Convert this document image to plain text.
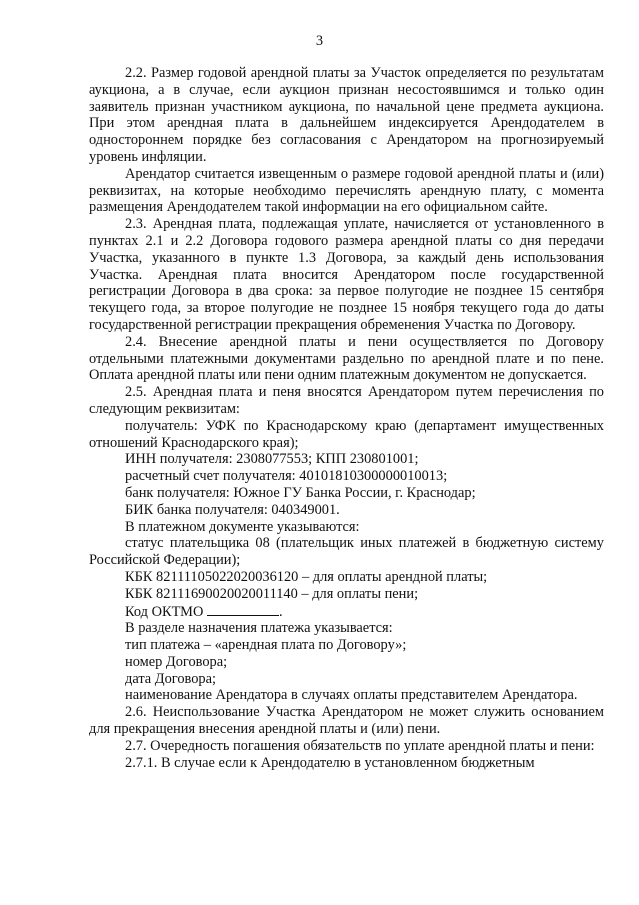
3

2.2. Размер годовой арендной платы за Участок определяется по результатам аукциона, а в случае, если аукцион признан несостоявшимся и только один заявитель признан участником аукциона, по начальной цене предмета аукциона. При этом арендная плата в дальнейшем индексируется Арендодателем в одностороннем порядке без согласования с Арендатором на прогнозируемый уровень инфляции.

Арендатор считается извещенным о размере годовой арендной платы и (или) реквизитах, на которые необходимо перечислять арендную плату, с момента размещения Арендодателем такой информации на его официальном сайте.

2.3. Арендная плата, подлежащая уплате, начисляется от установленного в пунктах 2.1 и 2.2 Договора годового размера арендной платы со дня передачи Участка, указанного в пункте 1.3 Договора, за каждый день использования Участка. Арендная плата вносится Арендатором после государственной регистрации Договора в два срока: за первое полугодие не позднее 15 сентября текущего года, за второе полугодие не позднее 15 ноября текущего года до даты государственной регистрации прекращения обременения Участка по Договору.

2.4. Внесение арендной платы и пени осуществляется по Договору отдельными платежными документами раздельно по арендной плате и по пене. Оплата арендной платы или пени одним платежным документом не допускается.

2.5. Арендная плата и пеня вносятся Арендатором путем перечисления по следующим реквизитам:

получатель: УФК по Краснодарскому краю (департамент имущественных отношений Краснодарского края);

ИНН получателя: 2308077553; КПП 230801001;

расчетный счет получателя: 40101810300000010013;

банк получателя: Южное ГУ Банка России, г. Краснодар;

БИК банка получателя: 040349001.

В платежном документе указываются:

статус плательщика 08 (плательщик иных платежей в бюджетную систему Российской Федерации);

КБК 82111105022020036120 – для оплаты арендной платы;

КБК 82111690020020011140 – для оплаты пени;

Код ОКТМО	.

В разделе назначения платежа указывается:

тип платежа – «арендная плата по Договору»;

номер Договора;

дата Договора;

наименование Арендатора в случаях оплаты представителем Арендатора.

2.6. Неиспользование Участка Арендатором не может служить основанием для прекращения внесения арендной платы и (или) пени.

2.7. Очередность погашения обязательств по уплате арендной платы и пени:

2.7.1. В случае если к Арендодателю в установленном бюджетным
